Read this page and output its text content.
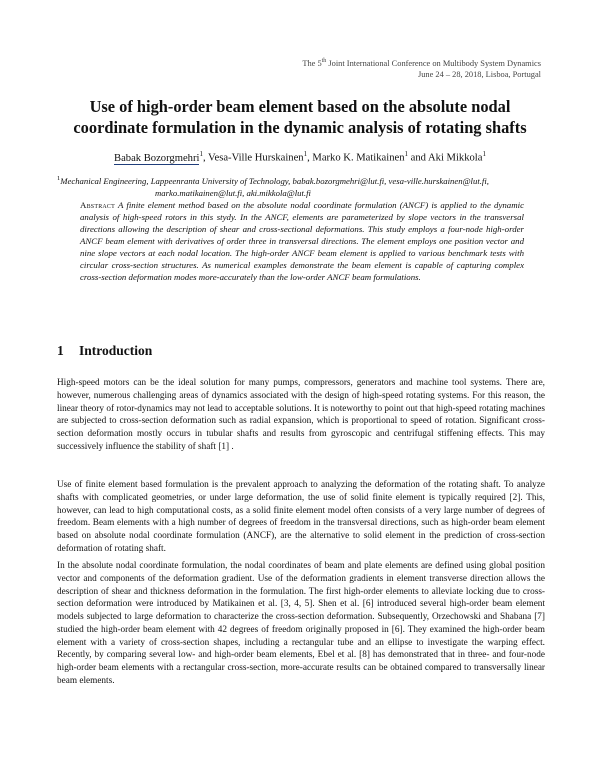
The 5th Joint International Conference on Multibody System Dynamics
June 24 – 28, 2018, Lisboa, Portugal
Use of high-order beam element based on the absolute nodal
coordinate formulation in the dynamic analysis of rotating shafts
Babak Bozorgmehri$^1$, Vesa-Ville Hurskainen$^1$, Marko K. Matikainen$^1$ and Aki Mikkola$^1$
$^1$Mechanical Engineering, Lappeenranta University of Technology, babak.bozorgmehri@lut.fi, vesa-ville.hurskainen@lut.fi,
marko.matikainen@lut.fi, aki.mikkola@lut.fi
Abstract A finite element method based on the absolute nodal coordinate formulation (ANCF) is applied to the dynamic analysis of high-speed rotors in this stydy. In the ANCF, elements are parameterized by slope vectors in the transversal directions allowing the description of shear and cross-sectional deformations. This study employs a four-node high-order ANCF beam element with derivatives of order three in transversal directions. The element employs one position vector and nine slope vectors at each nodal location. The high-order ANCF beam element is applied to various benchmark tests with circular cross-section structures. As numerical examples demonstrate the beam element is capable of capturing complex cross-section deformation modes more-accurately than the low-order ANCF beam formulations.
1 Introduction

High-speed motors can be the ideal solution for many pumps, compressors, generators and machine tool systems. There are, however, numerous challenging areas of dynamics associated with the design of high-speed rotating systems. For this reason, the linear theory of rotor-dynamics may not lead to acceptable solutions. It is noteworthy to point out that high-speed rotating machines are subjected to cross-section deformation such as radial expansion, which is proportional to speed of rotation. Significant cross-section deformation mostly occurs in tubular shafts and results from gyroscopic and centrifugal stiffening effects. This may successively influence the stability of shaft [1] .

Use of finite element based formulation is the prevalent approach to analyzing the deformation of the rotating shaft. To analyze shafts with complicated geometries, or under large deformation, the use of solid finite element is typically required [2]. This, however, can lead to high computational costs, as a solid finite element model often consists of a very large number of degrees of freedom. Beam elements with a high number of degrees of freedom in the transversal directions, such as high-order beam element based on absolute nodal coordinate formulation (ANCF), are the alternative to solid element in the prediction of cross-section deformation of rotating shaft.

In the absolute nodal coordinate formulation, the nodal coordinates of beam and plate elements are defined using global position vector and components of the deformation gradient. Use of the deformation gradients in element transverse direction allows the description of shear and thickness deformation in the formulation. The first high-order elements to alleviate locking due to cross-section deformation were introduced by Matikainen et al. [3, 4, 5]. Shen et al. [6] introduced several high-order beam element models subjected to large deformation to characterize the cross-section deformation. Subsequently, Orzechowski and Shabana [7] studied the high-order beam element with 42 degrees of freedom originally proposed in [6]. They examined the high-order beam element with a variety of cross-section shapes, including a rectangular tube and an ellipse to investigate the warping effect. Recently, by comparing several low- and high-order beam elements, Ebel et al. [8] has demonstrated that in three- and four-node high-order beam elements with a rectangular cross-section, more-accurate results can be obtained compared to transversally linear beam elements.
